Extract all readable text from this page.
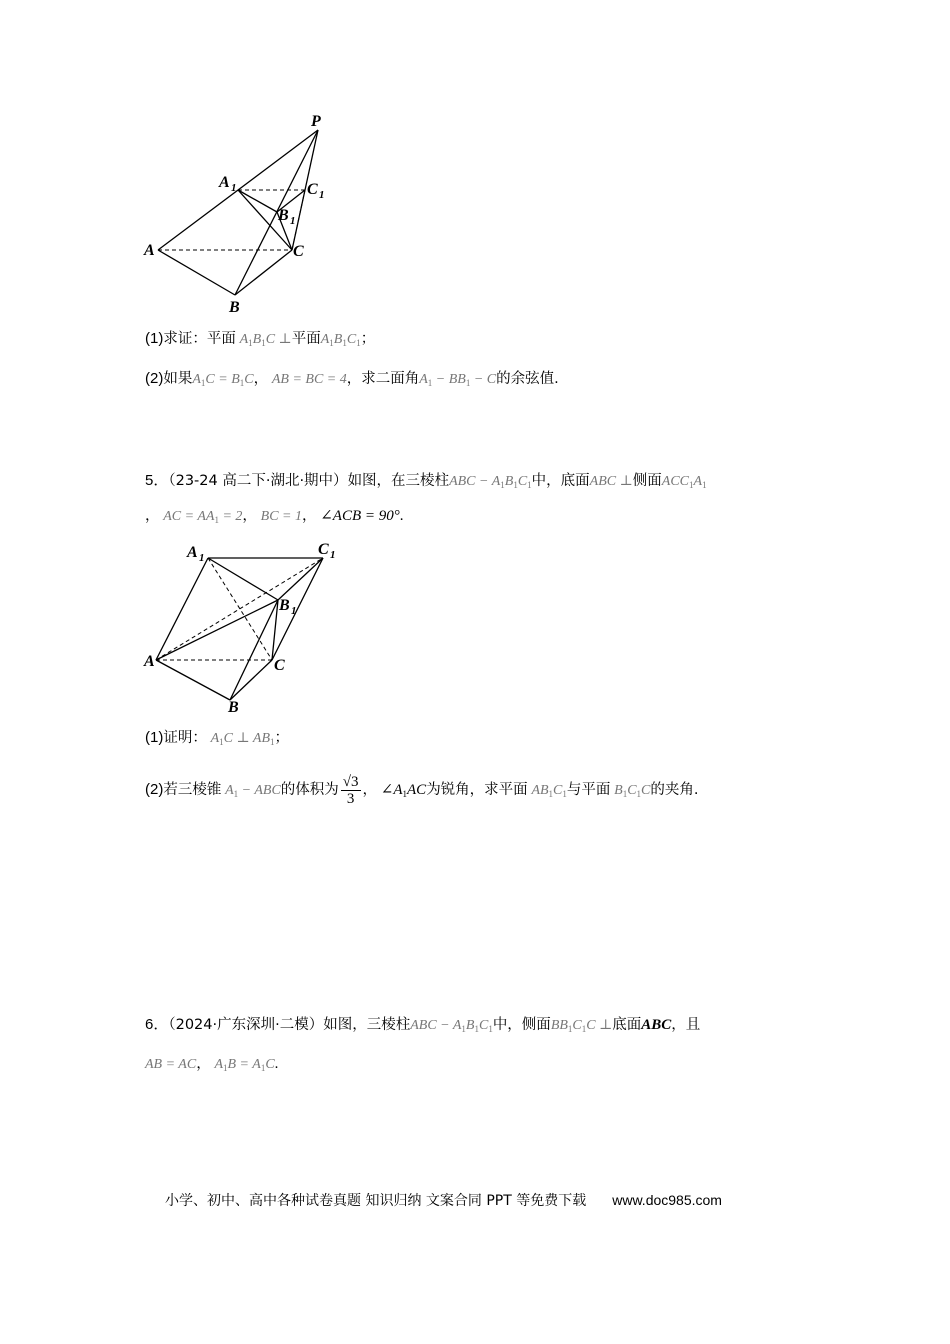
P
A 1	C 1
B 1
A	C
B
(1)求证：平面 $A_1B_1C$ ⊥平面$A_1B_1C_1$；
(2)如果$A_1C = B_1C$， AB = BC = 4，求二面角$A_1 - BB_1 - C$的余弦值.
5．（23-24 高二下·湖北·期中）如图，在三棱柱ABC − $A_1B_1C_1$中，底面ABC ⊥侧面$ACC_1A_1$
， AC = $AA_1 = 2$， BC = 1， ∠ACB = 90°.
A 1	C 1
B 1
A	C
B
(1)证明： $A_1C$ ⊥ $AB_1$；
(2)若三棱锥 $A_1$ − ABC的体积为 $\frac{√3}{3}$ ， $\angle A_1AC$为锐角，求平面 $AB_1C_1$与平面 $B_1C_1C$的夹角.
6．（2024·广东深圳·二模）如图，三棱柱ABC − $A_1B_1C_1$中，侧面$BB_1C_1C$ ⊥底面ABC，且
AB = AC， $A_1B = A_1C$.
小学、初中、高中各种试卷真题 知识归纳 文案合同 PPT 等免费下载 www.doc985.com
